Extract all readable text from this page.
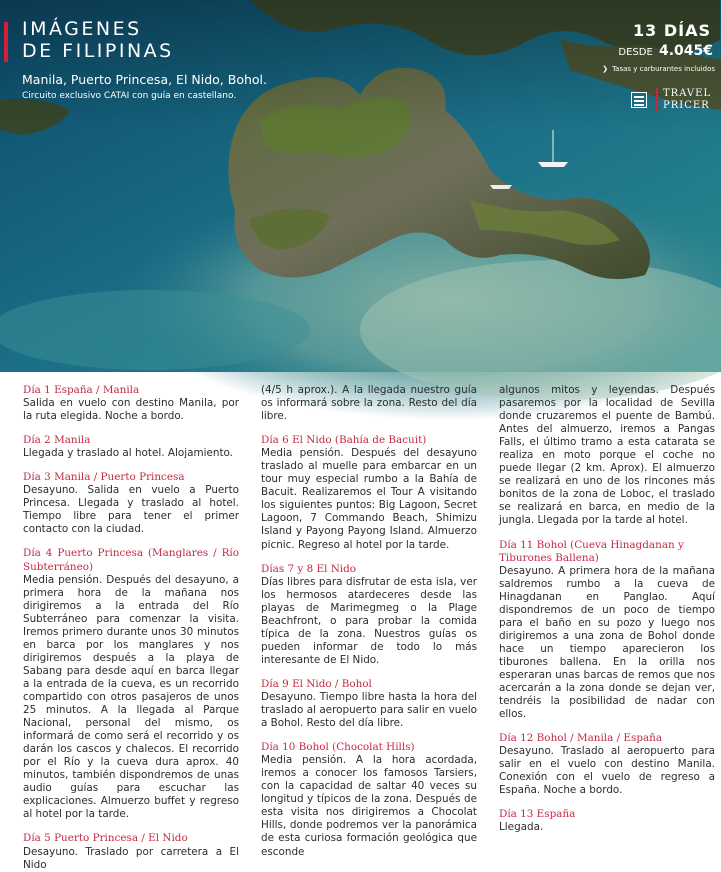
IMÁGENES
DE FILIPINAS
Manila, Puerto Princesa, El Nido, Bohol.
Circuito exclusivo CATAI con guía en castellano.
13 DÍAS
DESDE 4.045€
❯ Tasas y carburantes incluidos
TRAVEL
PRICER
Día 1 España / Manila
Salida en vuelo con destino Manila, por la ruta elegida. Noche a bordo.
Día 2 Manila
Llegada y traslado al hotel. Alojamiento.
Día 3 Manila / Puerto Princesa
Desayuno. Salida en vuelo a Puerto Princesa. Llegada y traslado al hotel. Tiempo libre para tener el primer contacto con la ciudad.
Día 4 Puerto Princesa (Manglares / Río Subterráneo)
Media pensión. Después del desayuno, a primera hora de la mañana nos dirigiremos a la entrada del Río Subterráneo para comenzar la visita. Iremos primero durante unos 30 minutos en barca por los manglares y nos dirigiremos después a la playa de Sabang para desde aquí en barca llegar a la entrada de la cueva, es un recorrido compartido con otros pasajeros de unos 25 minutos. A la llegada al Parque Nacional, personal del mismo, os informará de como será el recorrido y os darán los cascos y chalecos. El recorrido por el Río y la cueva dura aprox. 40 minutos, también dispondremos de unas audio guías para escuchar las explicaciones. Almuerzo buffet y regreso al hotel por la tarde.
Día 5 Puerto Princesa / El Nido
Desayuno. Traslado por carretera a El Nido
(4/5 h aprox.). A la llegada nuestro guía os informará sobre la zona. Resto del día libre.
Día 6 El Nido (Bahía de Bacuit)
Media pensión. Después del desayuno traslado al muelle para embarcar en un tour muy especial rumbo a la Bahía de Bacuit. Realizaremos el Tour A visitando los siguientes puntos: Big Lagoon, Secret Lagoon, 7 Commando Beach, Shimizu Island y Payong Payong Island. Almuerzo picnic. Regreso al hotel por la tarde.
Días 7 y 8 El Nido
Días libres para disfrutar de esta isla, ver los hermosos atardeceres desde las playas de Marimegmeg o la Plage Beachfront, o para probar la comida típica de la zona. Nuestros guías os pueden informar de todo lo más interesante de El Nido.
Día 9 El Nido / Bohol
Desayuno. Tiempo libre hasta la hora del traslado al aeropuerto para salir en vuelo a Bohol. Resto del día libre.
Día 10 Bohol (Chocolat Hills)
Media pensión. A la hora acordada, iremos a conocer los famosos Tarsiers, con la capacidad de saltar 40 veces su longitud y típicos de la zona. Después de esta visita nos dirigiremos a Chocolat Hills, donde podremos ver la panorámica de esta curiosa formación geológica que esconde
algunos mitos y leyendas. Después pasaremos por la localidad de Sevilla donde cruzaremos el puente de Bambú. Antes del almuerzo, iremos a Pangas Falls, el último tramo a esta catarata se realiza en moto porque el coche no puede llegar (2 km. Aprox). El almuerzo se realizará en uno de los rincones más bonitos de la zona de Loboc, el traslado se realizará en barca, en medio de la jungla. Llegada por la tarde al hotel.
Día 11 Bohol (Cueva Hinagdanan y Tiburones Ballena)
Desayuno. A primera hora de la mañana saldremos rumbo a la cueva de Hinagdanan en Panglao. Aquí dispondremos de un poco de tiempo para el baño en su pozo y luego nos dirigiremos a una zona de Bohol donde hace un tiempo aparecieron los tiburones ballena. En la orilla nos esperaran unas barcas de remos que nos acercarán a la zona donde se dejan ver, tendréis la posibilidad de nadar con ellos.
Día 12 Bohol / Manila / España
Desayuno. Traslado al aeropuerto para salir en el vuelo con destino Manila. Conexión con el vuelo de regreso a España. Noche a bordo.
Día 13 España
Llegada.
